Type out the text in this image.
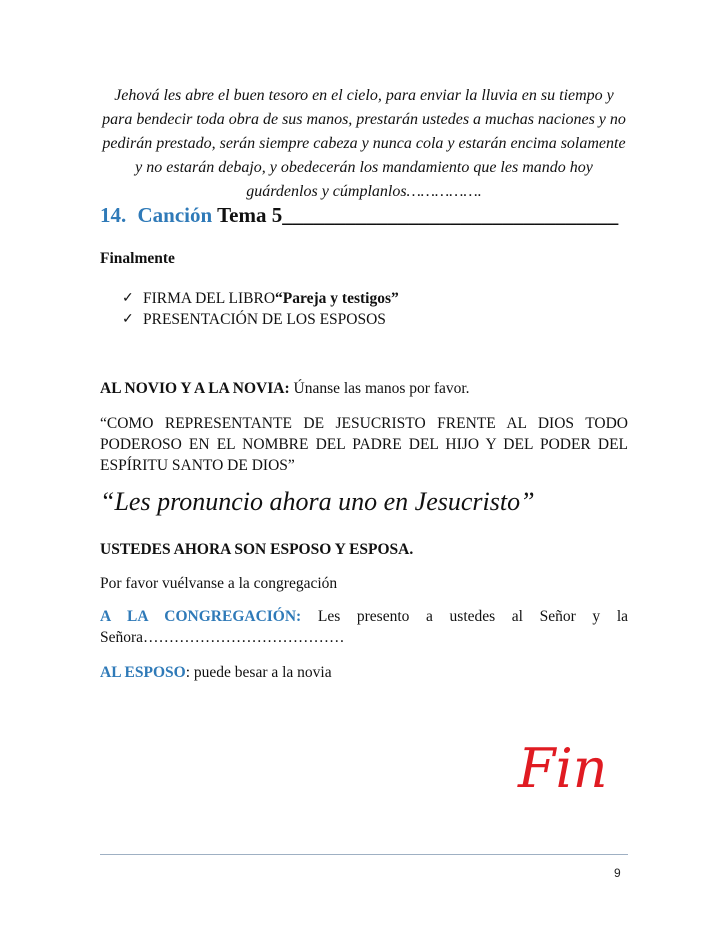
Jehová les abre el buen tesoro en el cielo, para enviar la lluvia en su tiempo y para bendecir toda obra de sus manos, prestarán ustedes a muchas naciones y no pedirán prestado, serán siempre cabeza y nunca cola y estarán encima solamente y no estarán debajo, y obedecerán los mandamiento que les mando hoy guárdenlos y cúmplanlos…………….
14. Canción Tema 5________________________________
Finalmente
✓ FIRMA DEL LIBRO “Pareja y testigos”
✓ PRESENTACIÓN DE LOS ESPOSOS
AL NOVIO Y A LA NOVIA: Únanse las manos por favor.
“COMO REPRESENTANTE DE JESUCRISTO FRENTE AL DIOS TODO PODEROSO EN EL NOMBRE DEL PADRE DEL HIJO Y DEL PODER DEL ESPÍRITU SANTO DE DIOS”
“Les pronuncio ahora uno en Jesucristo”
USTEDES AHORA SON ESPOSO Y ESPOSA.
Por favor vuélvanse a la congregación
A LA CONGREGACIÓN: Les presento a ustedes al Señor y la Señora…………………………………
AL ESPOSO: puede besar a la novia
Fin
9
